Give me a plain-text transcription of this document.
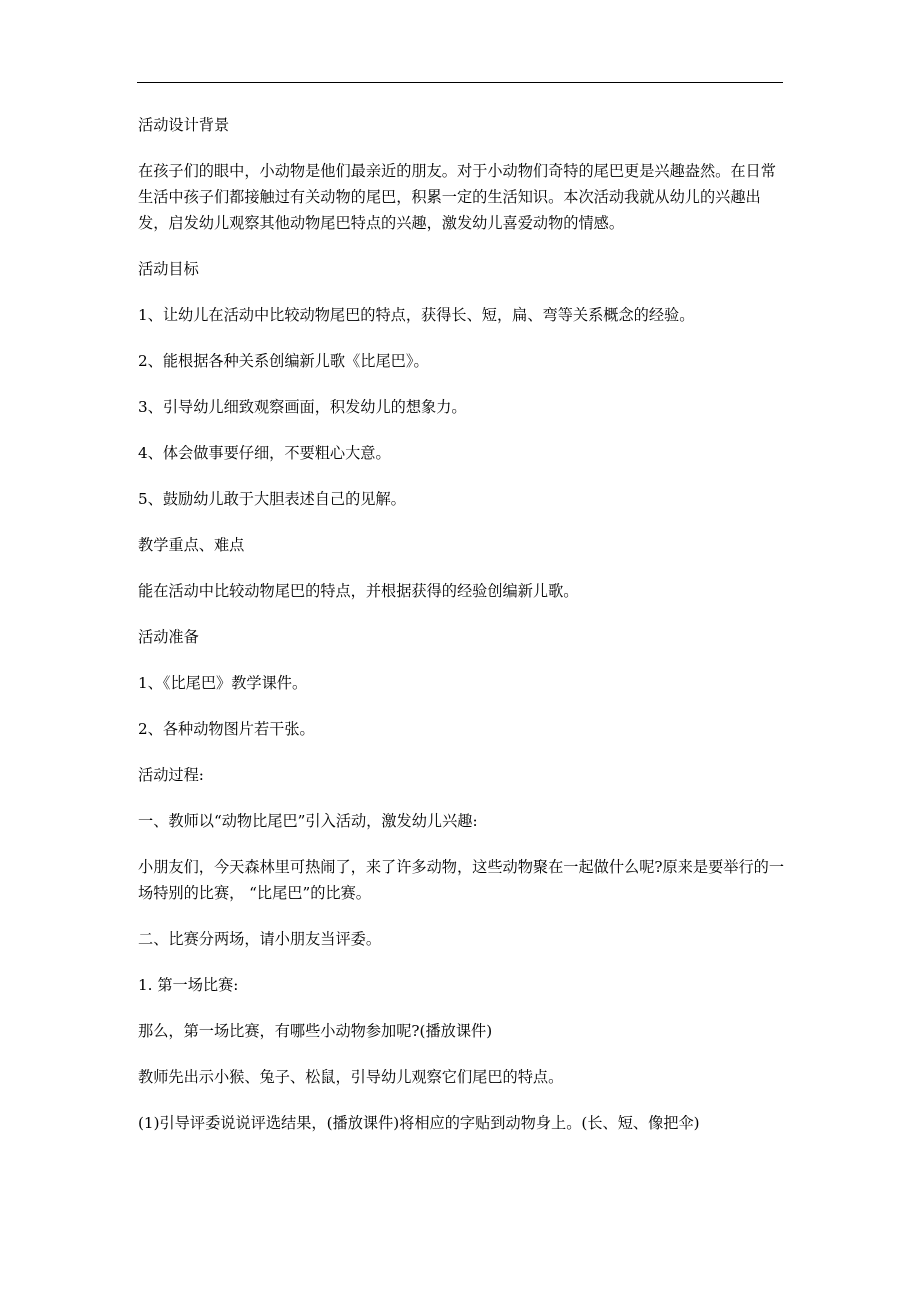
活动设计背景

在孩子们的眼中，小动物是他们最亲近的朋友。对于小动物们奇特的尾巴更是兴趣盎然。在日常生活中孩子们都接触过有关动物的尾巴，积累一定的生活知识。本次活动我就从幼儿的兴趣出发，启发幼儿观察其他动物尾巴特点的兴趣，激发幼儿喜爱动物的情感。

活动目标

1、让幼儿在活动中比较动物尾巴的特点，获得长、短，扁、弯等关系概念的经验。

2、能根据各种关系创编新儿歌《比尾巴》。

3、引导幼儿细致观察画面，积发幼儿的想象力。

4、体会做事要仔细，不要粗心大意。

5、鼓励幼儿敢于大胆表述自己的见解。

教学重点、难点

能在活动中比较动物尾巴的特点，并根据获得的经验创编新儿歌。

活动准备

1、《比尾巴》教学课件。

2、各种动物图片若干张。

活动过程:

一、教师以“动物比尾巴”引入活动，激发幼儿兴趣:

小朋友们，今天森林里可热闹了，来了许多动物，这些动物聚在一起做什么呢?原来是要举行的一场特别的比赛， “比尾巴”的比赛。

二、比赛分两场，请小朋友当评委。

1. 第一场比赛:

那么，第一场比赛，有哪些小动物参加呢?(播放课件)

教师先出示小猴、兔子、松鼠，引导幼儿观察它们尾巴的特点。

(1)引导评委说说评选结果，(播放课件)将相应的字贴到动物身上。(长、短、像把伞)
